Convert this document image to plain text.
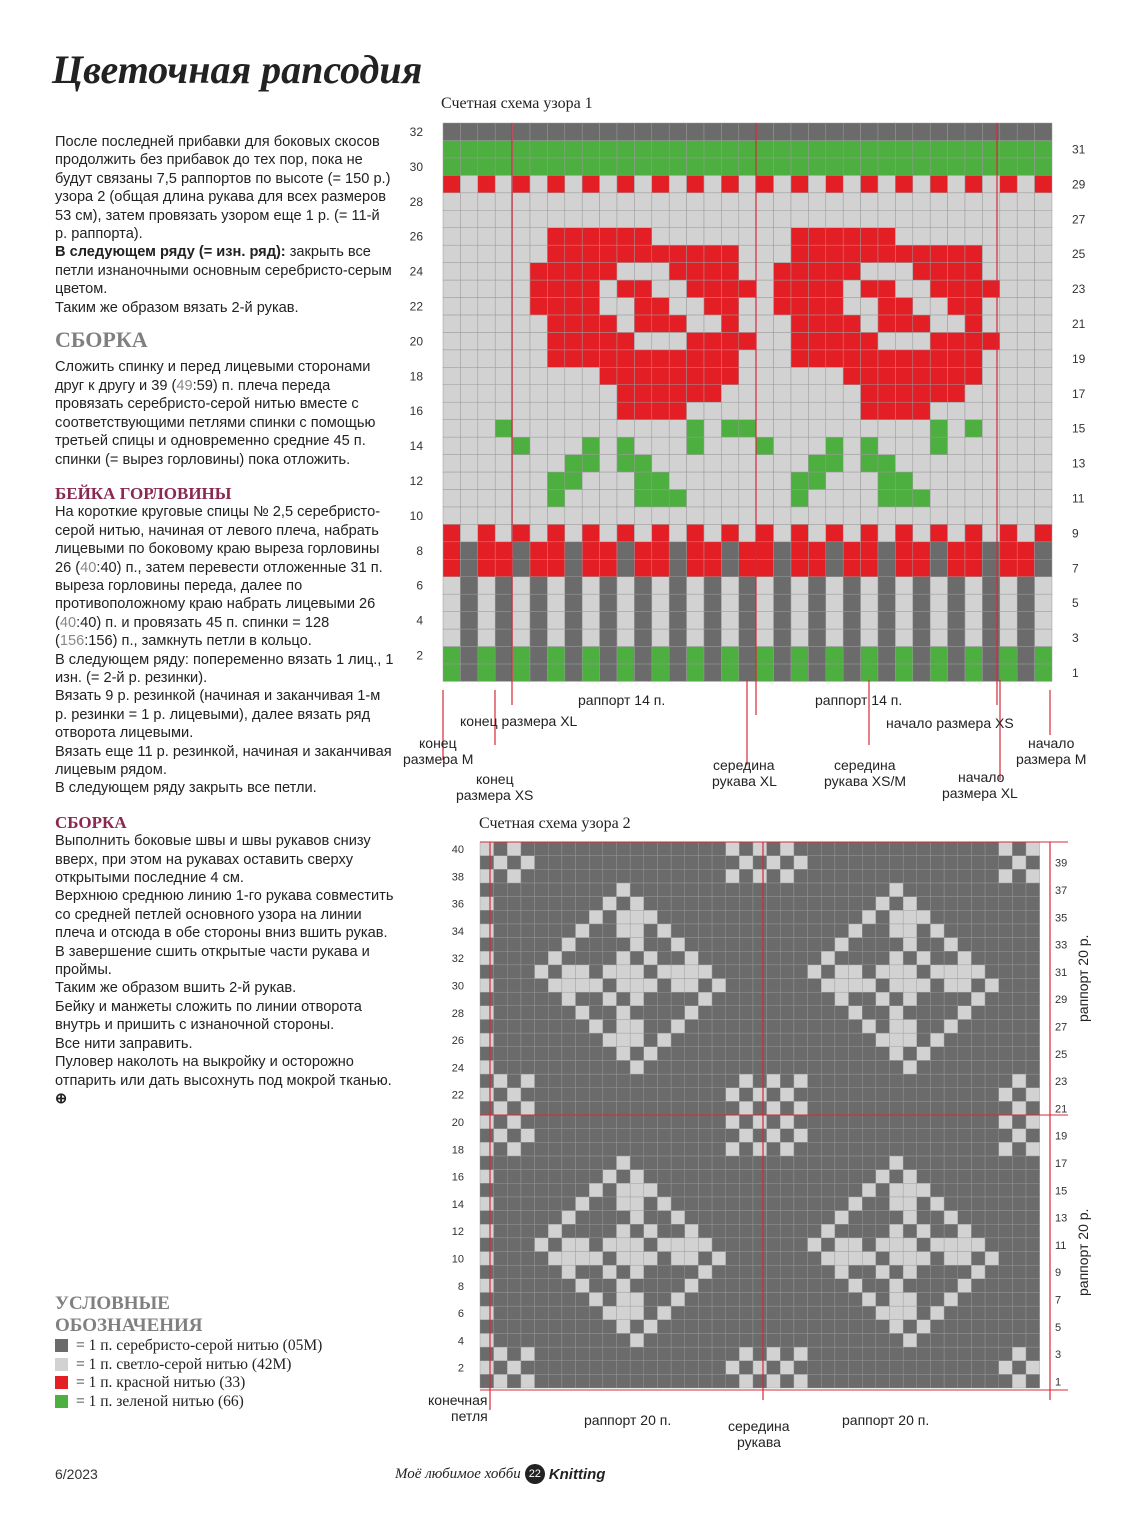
Цветочная рапсодия

После последней прибавки для боковых скосов продолжить без прибавок до тех пор, пока не будут связаны 7,5 раппортов по высоте (= 150 р.) узора 2 (общая длина рукава для всех размеров 53 см), затем провязать узором еще 1 р. (= 11-й р. раппорта).

В следующем ряду (= изн. ряд): закрыть все петли изнаночными основным серебристо-серым цветом.

Таким же образом вязать 2-й рукав.

СБОРКА

Сложить спинку и перед лицевыми сторонами друг к другу и 39 (49:59) п. плеча переда провязать серебристо-серой нитью вместе с соответствующими петлями спинки с помощью третьей спицы и одновременно средние 45 п. спинки (= вырез горловины) пока отложить.

БЕЙКА ГОРЛОВИНЫ

На короткие круговые спицы № 2,5 серебристо-серой нитью, начиная от левого плеча, набрать лицевыми по боковому краю выреза горловины 26 (40:40) п., затем перевести отложенные 31 п. выреза горловины переда, далее по противоположному краю набрать лицевыми 26 (40:40) п. и провязать 45 п. спинки = 128 (156:156) п., замкнуть петли в кольцо.

В следующем ряду: попеременно вязать 1 лиц., 1 изн. (= 2-й р. резинки).

Вязать 9 р. резинкой (начиная и заканчивая 1-м р. резинки = 1 р. лицевыми), далее вязать ряд отворота лицевыми.

Вязать еще 11 р. резинкой, начиная и заканчивая лицевым рядом.

В следующем ряду закрыть все петли.

СБОРКА

Выполнить боковые швы и швы рукавов снизу вверх, при этом на рукавах оставить сверху открытыми последние 4 см.

Верхнюю среднюю линию 1-го рукава совместить со средней петлей основного узора на линии плеча и отсюда в обе стороны вниз вшить рукав. В завершение сшить открытые части рукава и проймы.

Таким же образом вшить 2-й рукав.

Бейку и манжеты сложить по линии отворота внутрь и пришить с изнаночной стороны.

Все нити заправить.

Пуловер наколоть на выкройку и осторожно отпарить или дать высохнуть под мокрой тканью. ⊕

Счетная схема узора 1
2
4
6
8
10
12
14
16
18
20
22
24
26
28
30
32
1
3
5
7
9
11
13
15
17
19
21
23
25
27
29
31
раппорт 14 п.	раппорт 14 п.
конец размера XL
конец
размера M
конец
размера XS
середина
рукава XL
середина
рукава XS/M
начало размера XS
начало
размера XL
начало
размера M
Счетная схема узора 2
2
4
6
8
10
12
14
16
18
20
22
24
26
28
30
32
34
36
38
40
1
3
5
7
9
11
13
15
17
19
21
23
25
27
29
31
33
35
37
39
конечная
петля	раппорт 20 п.	раппорт 20 п.
середина
рукава
раппорт 20 р.
раппорт 20 р.
УСЛОВНЫЕ
ОБОЗНАЧЕНИЯ
= 1 п. серебристо-серой нитью (05М)
= 1 п. светло-серой нитью (42М)
= 1 п. красной нитью (33)
= 1 п. зеленой нитью (66)
6/2023	Моё любимое хобби 22 Knitting
